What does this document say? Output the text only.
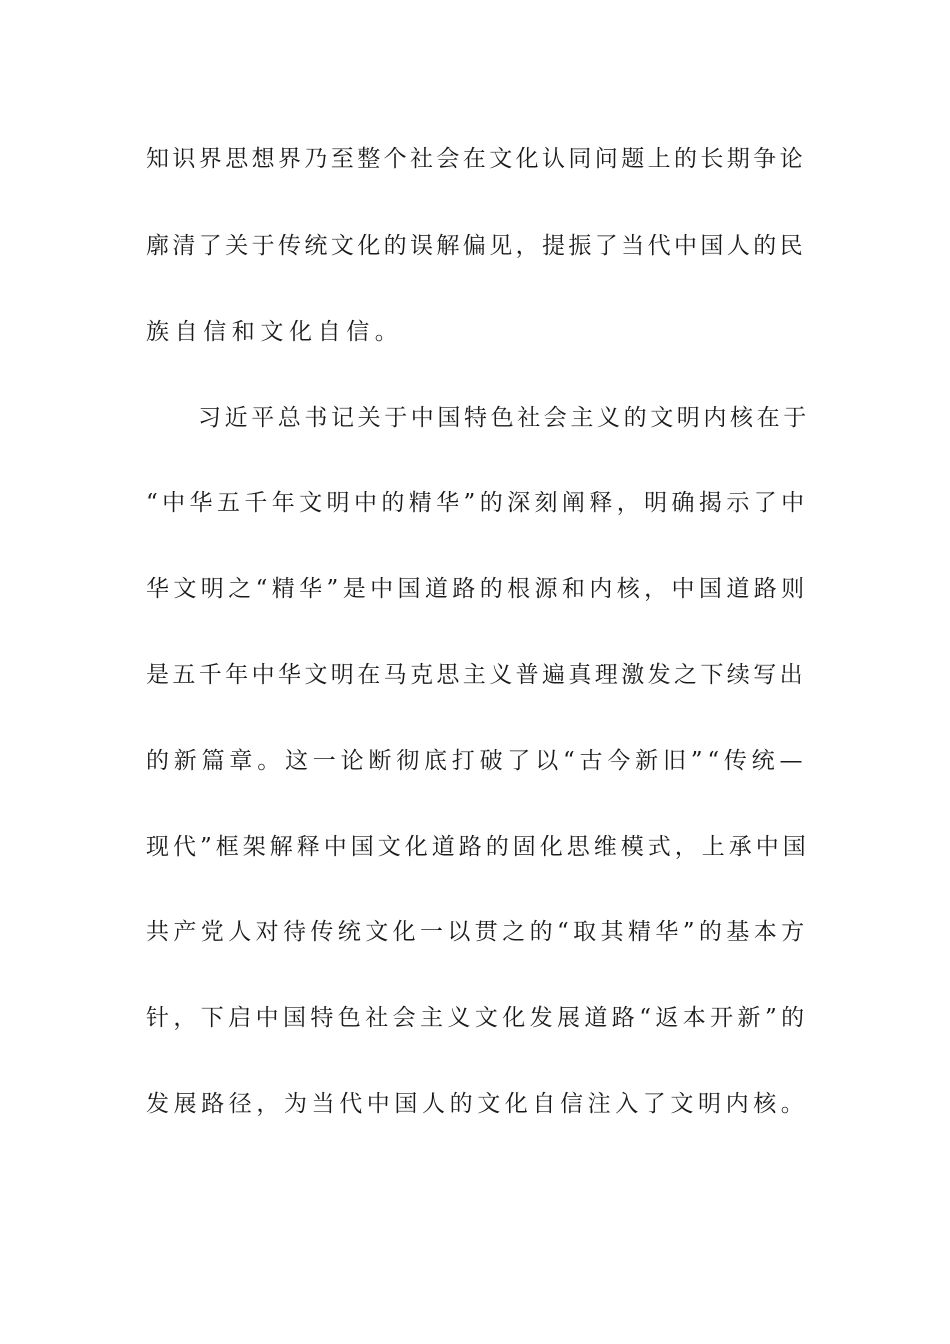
知识界思想界乃至整个社会在文化认同问题上的长期争论
廓清了关于传统文化的误解偏见，提振了当代中国人的民
族自信和文化自信。
习近平总书记关于中国特色社会主义的文明内核在于
“中华五千年文明中的精华”的深刻阐释，明确揭示了中
华文明之“精华”是中国道路的根源和内核，中国道路则
是五千年中华文明在马克思主义普遍真理激发之下续写出
的新篇章。这一论断彻底打破了以“古今新旧”“传统—
现代”框架解释中国文化道路的固化思维模式，上承中国
共产党人对待传统文化一以贯之的“取其精华”的基本方
针，下启中国特色社会主义文化发展道路“返本开新”的
发展路径，为当代中国人的文化自信注入了文明内核。
